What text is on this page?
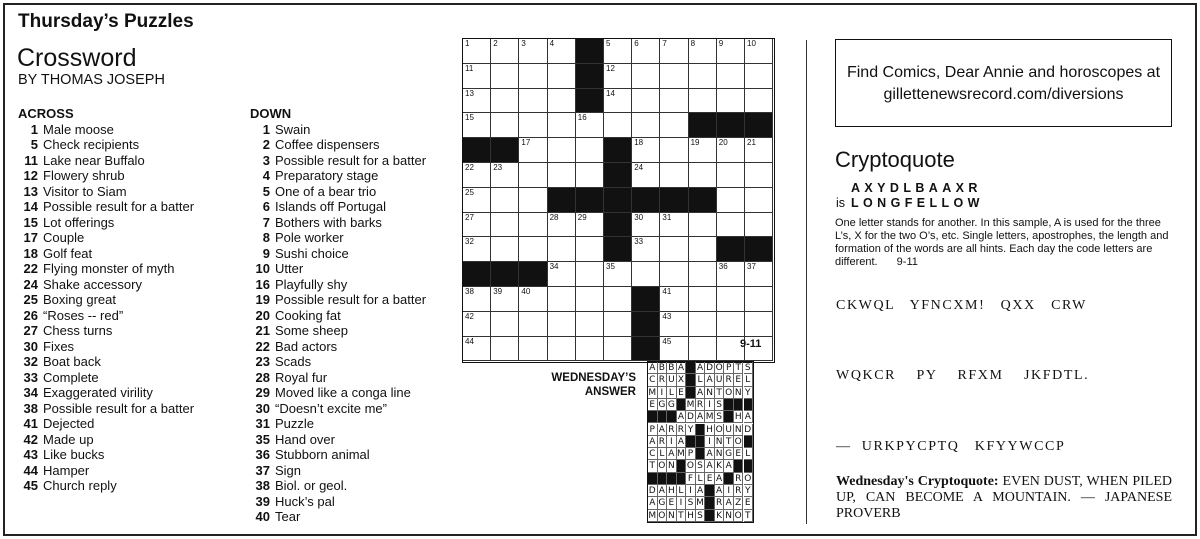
Thursday’s Puzzles
Crossword
BY THOMAS JOSEPH
ACROSS
1 Male moose
5 Check recipients
11 Lake near Buffalo
12 Flowery shrub
13 Visitor to Siam
14 Possible result for a batter
15 Lot offerings
17 Couple
18 Golf feat
22 Flying monster of myth
24 Shake accessory
25 Boxing great
26 “Roses -- red”
27 Chess turns
30 Fixes
32 Boat back
33 Complete
34 Exaggerated virility
38 Possible result for a batter
41 Dejected
42 Made up
43 Like bucks
44 Hamper
45 Church reply
DOWN
1 Swain
2 Coffee dispensers
3 Possible result for a batter
4 Preparatory stage
5 One of a bear trio
6 Islands off Portugal
7 Bothers with barks
8 Pole worker
9 Sushi choice
10 Utter
16 Playfully shy
19 Possible result for a batter
20 Cooking fat
21 Some sheep
22 Bad actors
23 Scads
28 Royal fur
29 Moved like a conga line
30 “Doesn’t excite me”
31 Puzzle
35 Hand over
36 Stubborn animal
37 Sign
38 Biol. or geol.
39 Huck’s pal
40 Tear
1	2	3	4	5	6	7	8	9	10
11	12
13	14
15	16
17	18	19 20 21
22 23	24
25
27	28 29	30 31
32	33
34	35	36 37
38 39 40	41
42	43
44	45	9-11
WEDNESDAY’S
ANSWER
A B B A A D O P T S
C R U X L A U R E L
M I L E A N T O N Y
E G G M R I S
A D A M S H A
P A R R Y H O U N D
A R I A	I N T O
C L A M P A N G E L
T O N O S A K A
F L E A R O
D A H L I A A I R Y
A G E I S M R A Z E
M O N T H S K N O T
Find Comics, Dear Annie and horoscopes at
gillettenewsrecord.com/diversions
Cryptoquote
AXYDLBAAXR
is LONGFELLOW
One letter stands for another. In this sample, A is used for the three L’s, X for the two O’s, etc. Single letters, apostrophes, the length and formation of the words are all hints. Each day the code letters are different. 9-11
CKWQL   YFNCXM!   QXX   CRW
WQKCR    PY    RFXM    JKFDTL.
—  URKPYCPTQ   KFYYWCCP
Wednesday's Cryptoquote: EVEN DUST, WHEN PILED UP, CAN BECOME A MOUNTAIN. — JAPANESE PROVERB
